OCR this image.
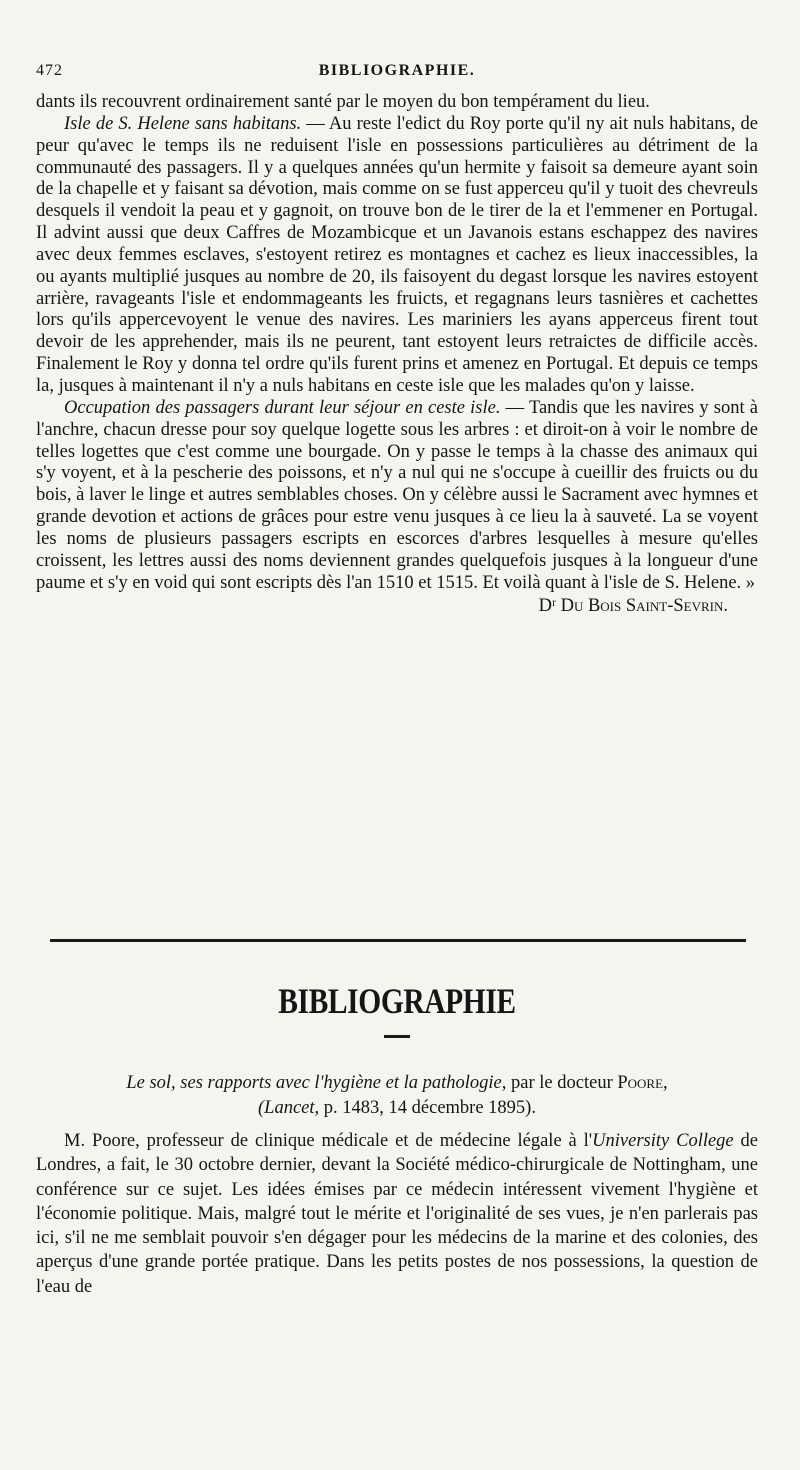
472	BIBLIOGRAPHIE.

dants ils recouvrent ordinairement santé par le moyen du bon tempérament du lieu.

Isle de S. Helene sans habitans. — Au reste l'edict du Roy porte qu'il ny ait nuls habitans, de peur qu'avec le temps ils ne reduisent l'isle en possessions particulières au détriment de la communauté des passagers. Il y a quelques années qu'un hermite y faisoit sa demeure ayant soin de la chapelle et y faisant sa dévotion, mais comme on se fust apperceu qu'il y tuoit des chevreuls desquels il vendoit la peau et y gagnoit, on trouve bon de le tirer de la et l'emmener en Portugal. Il advint aussi que deux Caffres de Mozambicque et un Javanois estans eschappez des navires avec deux femmes esclaves, s'estoyent retirez es montagnes et cachez es lieux inaccessibles, la ou ayants multiplié jusques au nombre de 20, ils faisoyent du degast lorsque les navires estoyent arrière, ravageants l'isle et endommageants les fruicts, et regagnans leurs tasnières et cachettes lors qu'ils appercevoyent le venue des navires. Les mariniers les ayans apperceus firent tout devoir de les apprehender, mais ils ne peurent, tant estoyent leurs retraictes de difficile accès. Finalement le Roy y donna tel ordre qu'ils furent prins et amenez en Portugal. Et depuis ce temps la, jusques à maintenant il n'y a nuls habitans en ceste isle que les malades qu'on y laisse.

Occupation des passagers durant leur séjour en ceste isle. — Tandis que les navires y sont à l'anchre, chacun dresse pour soy quelque logette sous les arbres : et diroit-on à voir le nombre de telles logettes que c'est comme une bourgade. On y passe le temps à la chasse des animaux qui s'y voyent, et à la pescherie des poissons, et n'y a nul qui ne s'occupe à cueillir des fruicts ou du bois, à laver le linge et autres semblables choses. On y célèbre aussi le Sacrament avec hymnes et grande devotion et actions de grâces pour estre venu jusques à ce lieu la à sauveté. La se voyent les noms de plusieurs passagers escripts en escorces d'arbres lesquelles à mesure qu'elles croissent, les lettres aussi des noms deviennent grandes quelquefois jusques à la longueur d'une paume et s'y en void qui sont escripts dès l'an 1510 et 1515. Et voilà quant à l'isle de S. Helene. »

Dʳ Du Bois Saint-Sevrin.

BIBLIOGRAPHIE

Le sol, ses rapports avec l'hygiène et la pathologie, par le docteur Poore,
(Lancet, p. 1483, 14 décembre 1895).

M. Poore, professeur de clinique médicale et de médecine légale à l'University College de Londres, a fait, le 30 octobre dernier, devant la Société médico-chirurgicale de Nottingham, une conférence sur ce sujet. Les idées émises par ce médecin intéressent vivement l'hygiène et l'économie politique. Mais, malgré tout le mérite et l'originalité de ses vues, je n'en parlerais pas ici, s'il ne me semblait pouvoir s'en dégager pour les médecins de la marine et des colonies, des aperçus d'une grande portée pratique. Dans les petits postes de nos possessions, la question de l'eau de
